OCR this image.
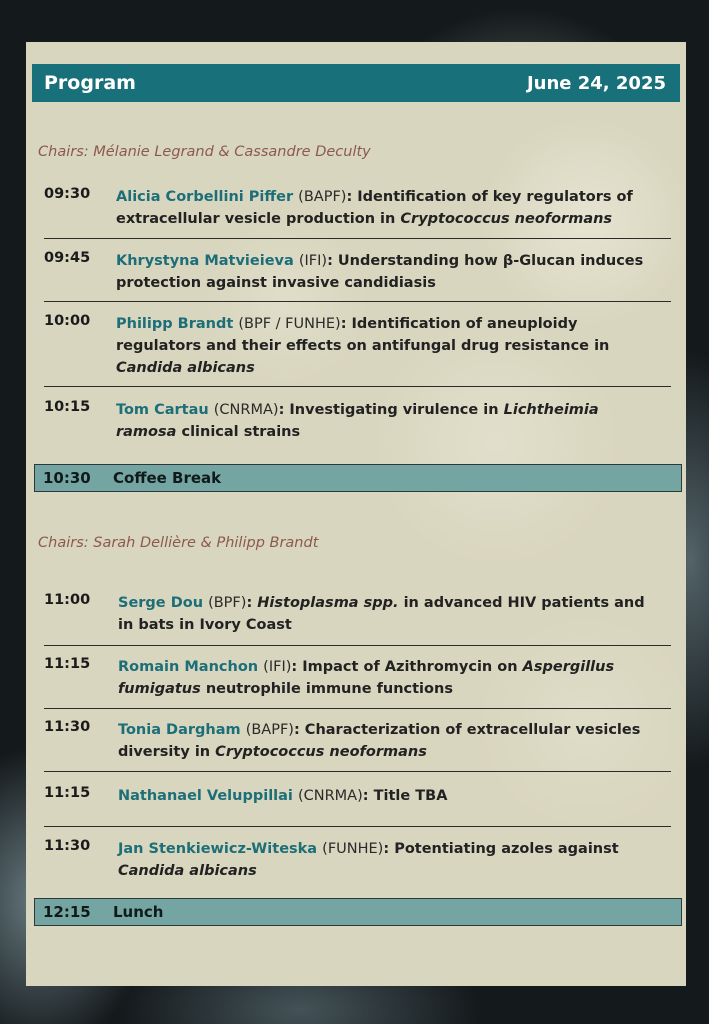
Program	June 24, 2025
Chairs: Mélanie Legrand & Cassandre Deculty
09:30 Alicia Corbellini Piffer (BAPF): Identification of key regulators of extracellular vesicle production in Cryptococcus neoformans
09:45 Khrystyna Matvieieva (IFI): Understanding how β-Glucan induces protection against invasive candidiasis
10:00 Philipp Brandt (BPF / FUNHE): Identification of aneuploidy regulators and their effects on antifungal drug resistance in Candida albicans
10:15 Tom Cartau (CNRMA): Investigating virulence in Lichtheimia ramosa clinical strains
10:30 Coffee Break
Chairs: Sarah Dellière & Philipp Brandt
11:00 Serge Dou (BPF): Histoplasma spp. in advanced HIV patients and in bats in Ivory Coast
11:15 Romain Manchon (IFI): Impact of Azithromycin on Aspergillus fumigatus neutrophile immune functions
11:30 Tonia Dargham (BAPF): Characterization of extracellular vesicles diversity in Cryptococcus neoformans
11:15 Nathanael Veluppillai (CNRMA): Title TBA
11:30 Jan Stenkiewicz-Witeska (FUNHE): Potentiating azoles against Candida albicans
12:15 Lunch
